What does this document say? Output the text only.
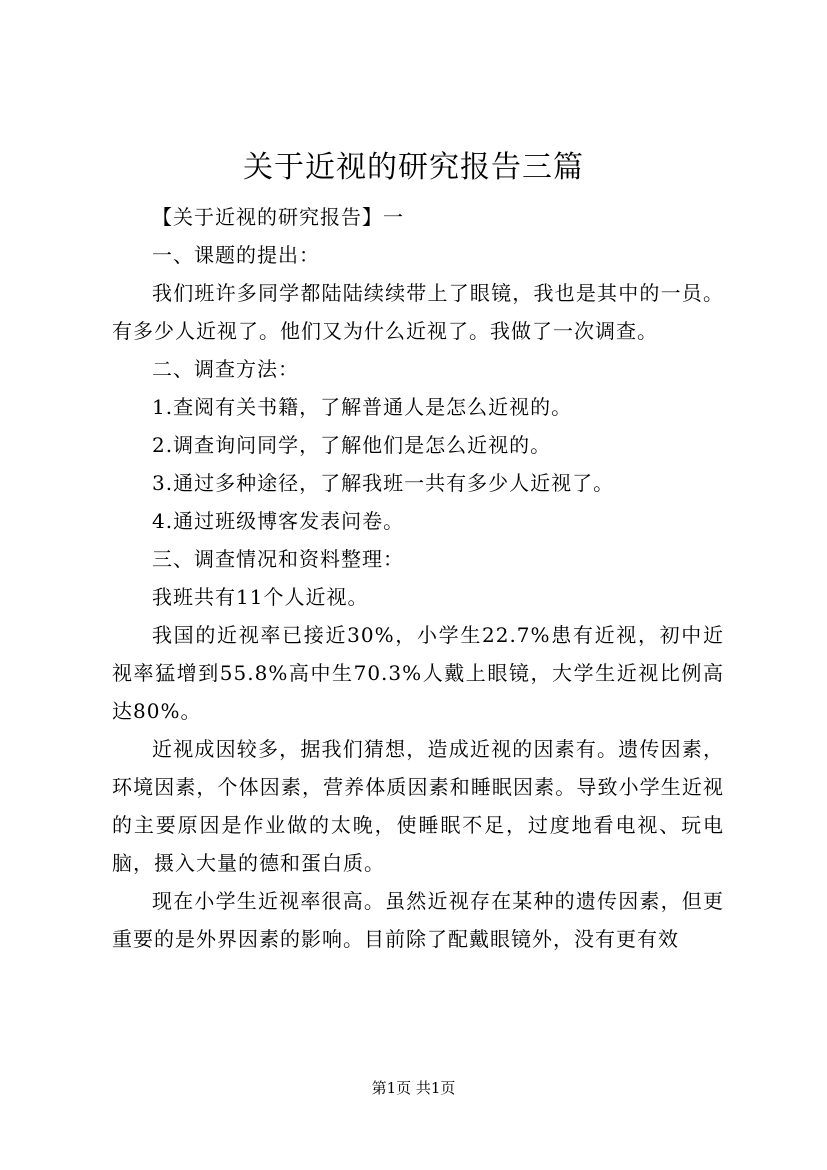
关于近视的研究报告三篇

【关于近视的研究报告】一

一、课题的提出：

我们班许多同学都陆陆续续带上了眼镜，我也是其中的一员。有多少人近视了。他们又为什么近视了。我做了一次调查。

二、调查方法：

1.查阅有关书籍，了解普通人是怎么近视的。

2.调查询问同学，了解他们是怎么近视的。

3.通过多种途径，了解我班一共有多少人近视了。

4.通过班级博客发表问卷。

三、调查情况和资料整理：

我班共有11个人近视。

我国的近视率已接近30%，小学生22.7%患有近视，初中近视率猛增到55.8%高中生70.3%人戴上眼镜，大学生近视比例高达80%。

近视成因较多，据我们猜想，造成近视的因素有。遗传因素，环境因素，个体因素，营养体质因素和睡眠因素。导致小学生近视的主要原因是作业做的太晚，使睡眠不足，过度地看电视、玩电脑，摄入大量的德和蛋白质。

现在小学生近视率很高。虽然近视存在某种的遗传因素，但更重要的是外界因素的影响。目前除了配戴眼镜外，没有更有效

第1页 共1页
